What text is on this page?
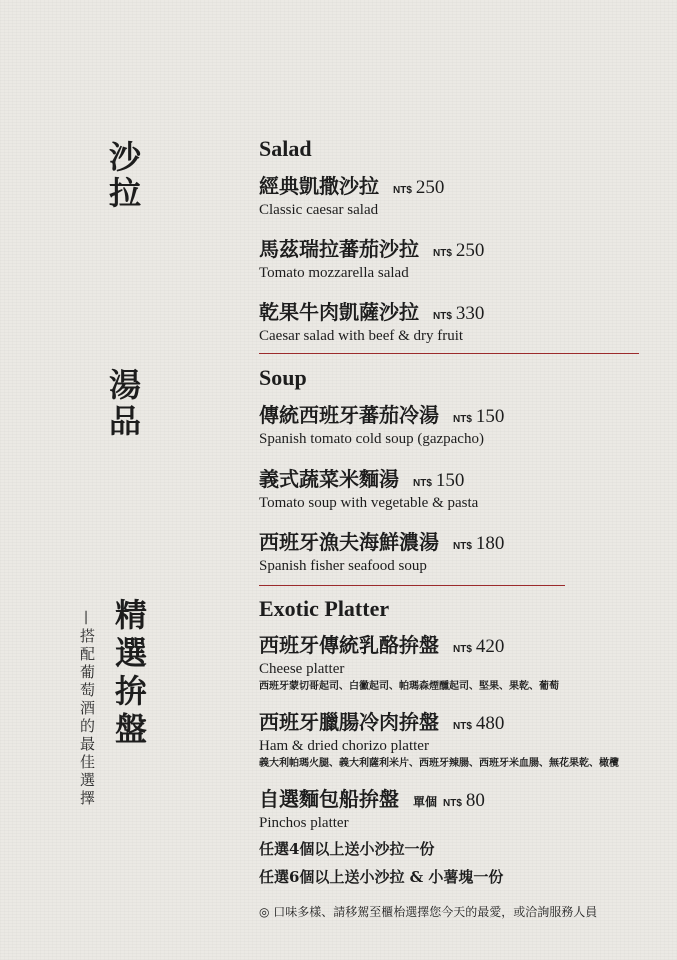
沙拉
湯品
精選拚盤
—搭配葡萄酒的最佳選擇
Salad
經典凱撒沙拉 NT$ 250
Classic caesar salad
馬茲瑞拉蕃茄沙拉 NT$ 250
Tomato mozzarella salad
乾果牛肉凱薩沙拉 NT$ 330
Caesar salad with beef & dry fruit
Soup
傳統西班牙蕃茄冷湯 NT$ 150
Spanish tomato cold soup (gazpacho)
義式蔬菜米麵湯 NT$ 150
Tomato soup with vegetable & pasta
西班牙漁夫海鮮濃湯 NT$ 180
Spanish fisher seafood soup
Exotic Platter
西班牙傳統乳酪拚盤 NT$ 420
Cheese platter
西班牙蒙切哥起司、白黴起司、帕瑪森煙醺起司、堅果、果乾、葡萄
西班牙臘腸冷肉拚盤 NT$ 480
Ham & dried chorizo platter
義大利帕瑪火腿、義大利薩利米片、西班牙辣腸、西班牙米血腸、無花果乾、橄欖
自選麵包船拚盤 單個 NT$ 80
Pinchos platter
任選4個以上送小沙拉一份
任選6個以上送小沙拉 & 小薯塊一份
◎ 口味多樣、請移駕至櫃枱選擇您今天的最愛，或洽詢服務人員
